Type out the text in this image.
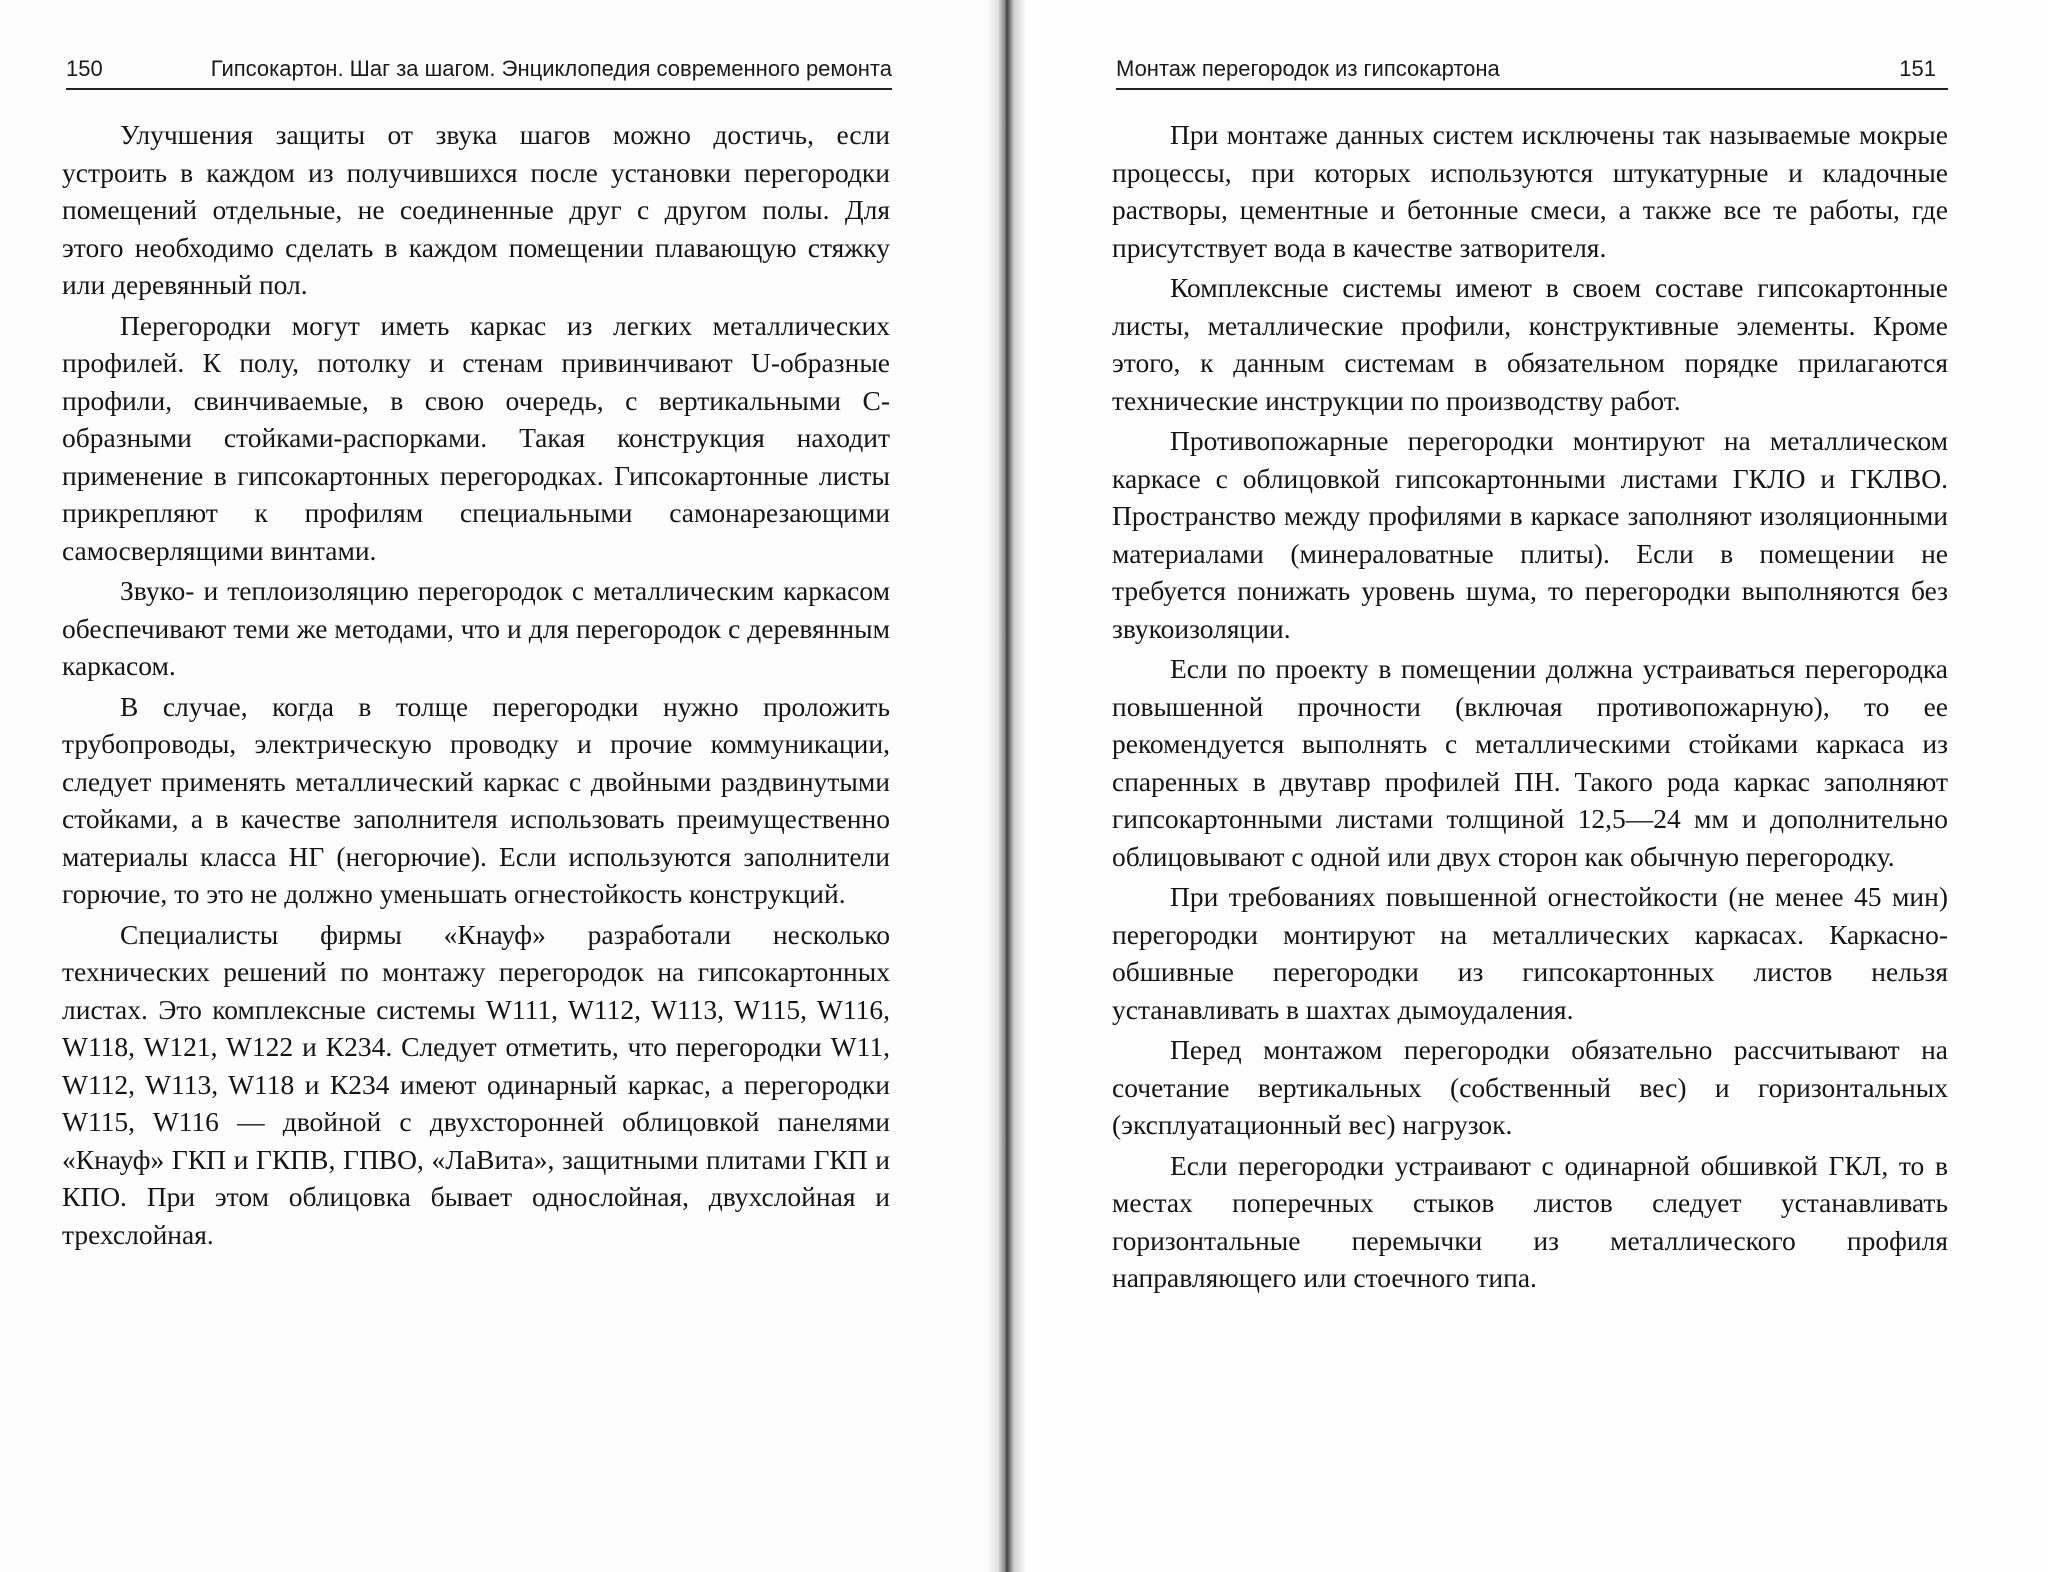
150	Гипсокартон. Шаг за шагом. Энциклопедия современного ремонта

Улучшения защиты от звука шагов можно достичь, если устроить в каждом из получившихся после установки перегородки помещений отдельные, не соединенные друг с другом полы. Для этого необходимо сделать в каждом помещении плавающую стяжку или деревянный пол.

Перегородки могут иметь каркас из легких металлических профилей. К полу, потолку и стенам привинчивают U-образные профили, свинчиваемые, в свою очередь, с вертикальными С-образными стойками-распорками. Такая конструкция находит применение в гипсокартонных перегородках. Гипсокартонные листы прикрепляют к профилям специальными самонарезающими самосверлящими винтами.

Звуко- и теплоизоляцию перегородок с металлическим каркасом обеспечивают теми же методами, что и для перегородок с деревянным каркасом.

В случае, когда в толще перегородки нужно проложить трубопроводы, электрическую проводку и прочие коммуникации, следует применять металлический каркас с двойными раздвинутыми стойками, а в качестве заполнителя использовать преимущественно материалы класса НГ (негорючие). Если используются заполнители горючие, то это не должно уменьшать огнестойкость конструкций.

Специалисты фирмы «Кнауф» разработали несколько технических решений по монтажу перегородок на гипсокартонных листах. Это комплексные системы W111, W112, W113, W115, W116, W118, W121, W122 и К234. Следует отметить, что перегородки W11, W112, W113, W118 и К234 имеют одинарный каркас, а перегородки W115, W116 — двойной с двухсторонней облицовкой панелями «Кнауф» ГКП и ГКПВ, ГПВО, «ЛаВита», защитными плитами ГКП и КПО. При этом облицовка бывает однослойная, двухслойная и трехслойная.

Монтаж перегородок из гипсокартона	151

При монтаже данных систем исключены так называемые мокрые процессы, при которых используются штукатурные и кладочные растворы, цементные и бетонные смеси, а также все те работы, где присутствует вода в качестве затворителя.

Комплексные системы имеют в своем составе гипсокартонные листы, металлические профили, конструктивные элементы. Кроме этого, к данным системам в обязательном порядке прилагаются технические инструкции по производству работ.

Противопожарные перегородки монтируют на металлическом каркасе с облицовкой гипсокартонными листами ГКЛО и ГКЛВО. Пространство между профилями в каркасе заполняют изоляционными материалами (минераловатные плиты). Если в помещении не требуется понижать уровень шума, то перегородки выполняются без звукоизоляции.

Если по проекту в помещении должна устраиваться перегородка повышенной прочности (включая противопожарную), то ее рекомендуется выполнять с металлическими стойками каркаса из спаренных в двутавр профилей ПН. Такого рода каркас заполняют гипсокартонными листами толщиной 12,5—24 мм и дополнительно облицовывают с одной или двух сторон как обычную перегородку.

При требованиях повышенной огнестойкости (не менее 45 мин) перегородки монтируют на металлических каркасах. Каркасно-обшивные перегородки из гипсокартонных листов нельзя устанавливать в шахтах дымоудаления.

Перед монтажом перегородки обязательно рассчитывают на сочетание вертикальных (собственный вес) и горизонтальных (эксплуатационный вес) нагрузок.

Если перегородки устраивают с одинарной обшивкой ГКЛ, то в местах поперечных стыков листов следует устанавливать горизонтальные перемычки из металлического профиля направляющего или стоечного типа.
